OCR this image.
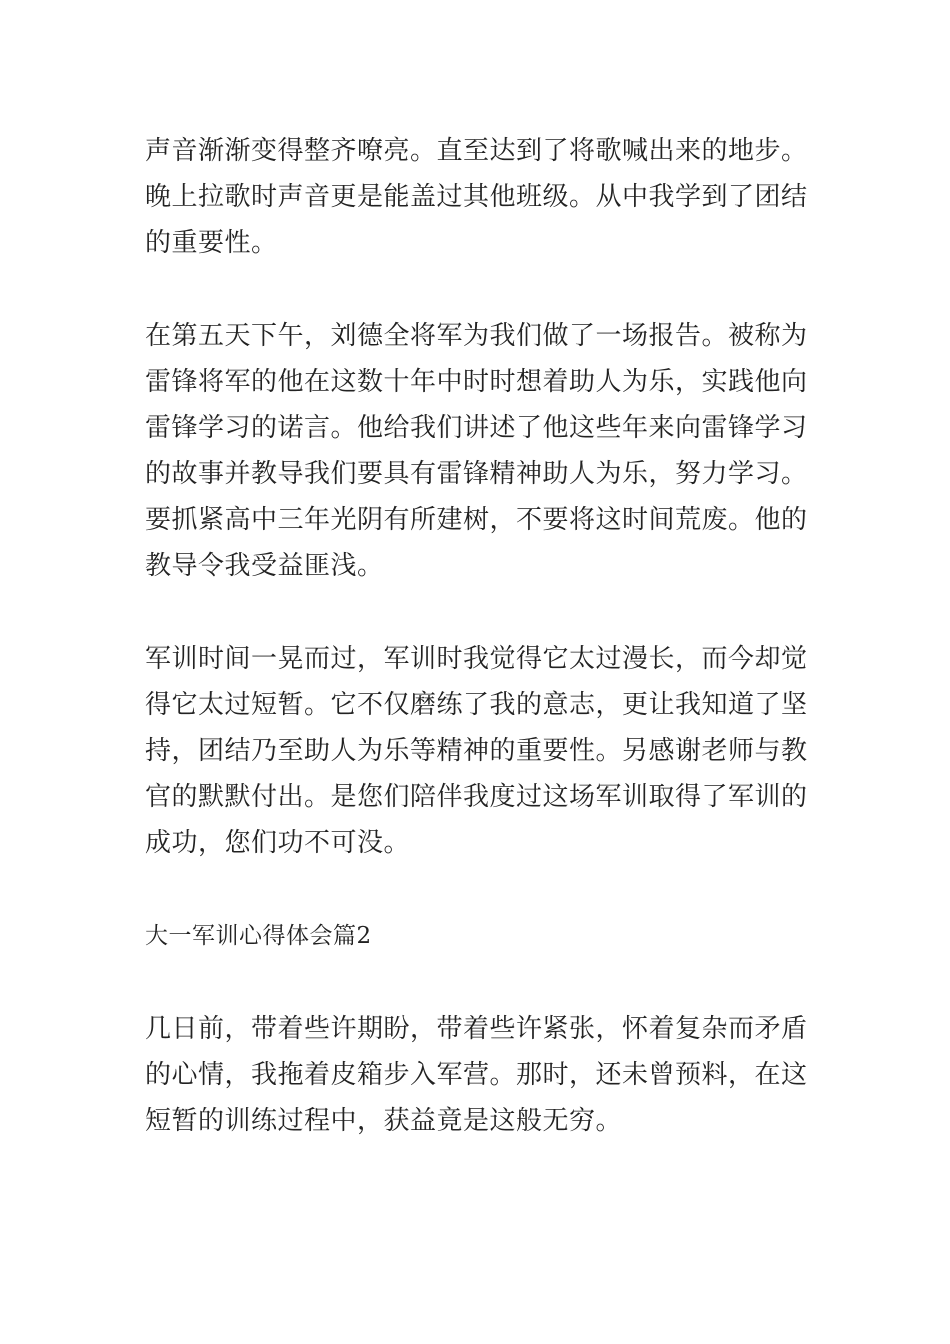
声音渐渐变得整齐嘹亮。直至达到了将歌喊出来的地步。
晚上拉歌时声音更是能盖过其他班级。从中我学到了团结
的重要性。
在第五天下午，刘德全将军为我们做了一场报告。被称为
雷锋将军的他在这数十年中时时想着助人为乐，实践他向
雷锋学习的诺言。他给我们讲述了他这些年来向雷锋学习
的故事并教导我们要具有雷锋精神助人为乐，努力学习。
要抓紧高中三年光阴有所建树，不要将这时间荒废。他的
教导令我受益匪浅。
军训时间一晃而过，军训时我觉得它太过漫长，而今却觉
得它太过短暂。它不仅磨练了我的意志，更让我知道了坚
持，团结乃至助人为乐等精神的重要性。另感谢老师与教
官的默默付出。是您们陪伴我度过这场军训取得了军训的
成功，您们功不可没。
大一军训心得体会篇2
几日前，带着些许期盼，带着些许紧张，怀着复杂而矛盾
的心情，我拖着皮箱步入军营。那时，还未曾预料，在这
短暂的训练过程中，获益竟是这般无穷。
